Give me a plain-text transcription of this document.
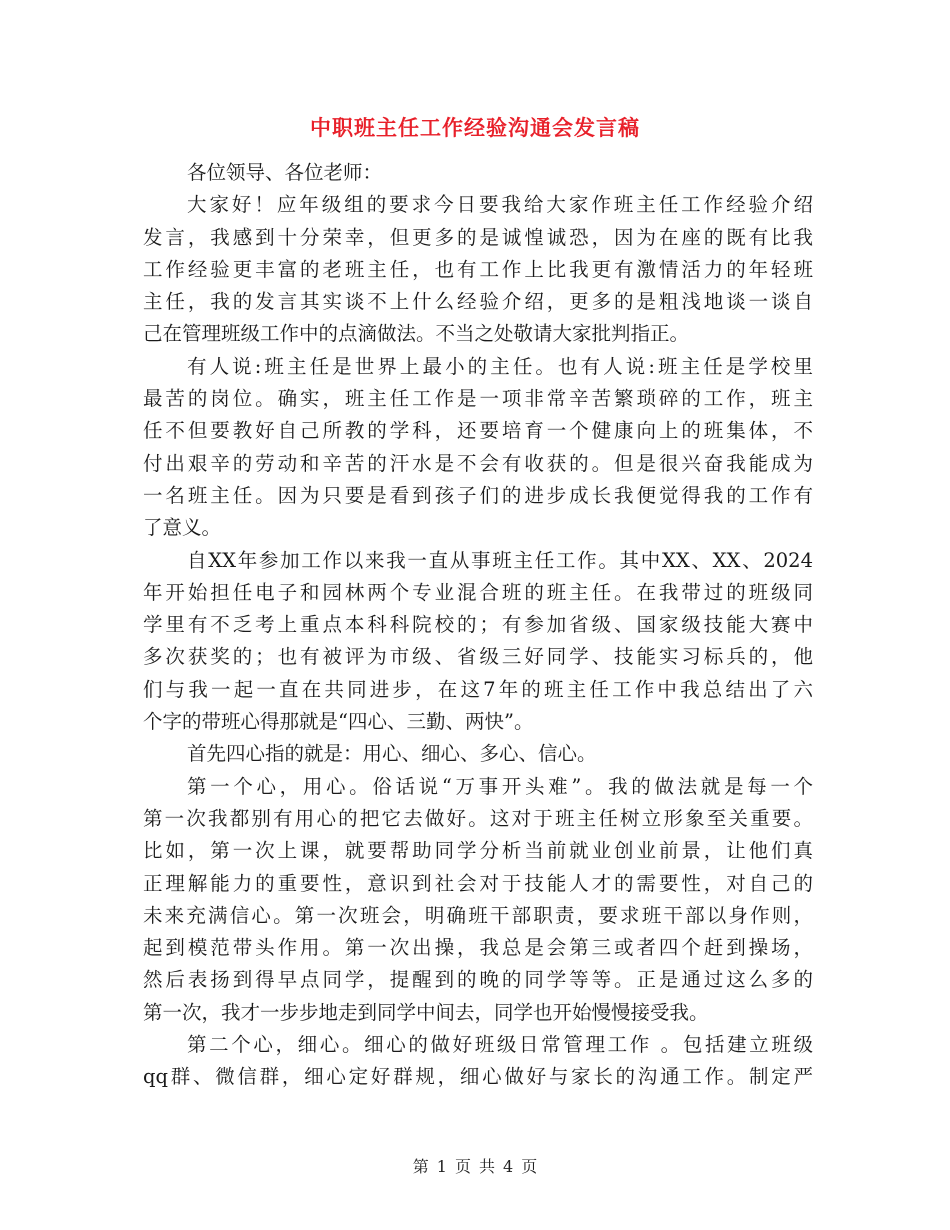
中职班主任工作经验沟通会发言稿
各位领导、各位老师：
大家好！应年级组的要求今日要我给大家作班主任工作经验介绍
发言，我感到十分荣幸，但更多的是诚惶诚恐，因为在座的既有比我
工作经验更丰富的老班主任，也有工作上比我更有激情活力的年轻班
主任，我的发言其实谈不上什么经验介绍，更多的是粗浅地谈一谈自
己在管理班级工作中的点滴做法。不当之处敬请大家批判指正。
有人说:班主任是世界上最小的主任。也有人说:班主任是学校里
最苦的岗位。确实，班主任工作是一项非常辛苦繁琐碎的工作，班主
任不但要教好自己所教的学科，还要培育一个健康向上的班集体，不
付出艰辛的劳动和辛苦的汗水是不会有收获的。但是很兴奋我能成为
一名班主任。因为只要是看到孩子们的进步成长我便觉得我的工作有
了意义。
自XX年参加工作以来我一直从事班主任工作。其中XX、XX、2024
年开始担任电子和园林两个专业混合班的班主任。在我带过的班级同
学里有不乏考上重点本科科院校的；有参加省级、国家级技能大赛中
多次获奖的；也有被评为市级、省级三好同学、技能实习标兵的，他
们与我一起一直在共同进步，在这7年的班主任工作中我总结出了六
个字的带班心得那就是“四心、三勤、两快”。
首先四心指的就是：用心、细心、多心、信心。
第一个心，用心。俗话说“万事开头难”。我的做法就是每一个
第一次我都别有用心的把它去做好。这对于班主任树立形象至关重要。
比如，第一次上课，就要帮助同学分析当前就业创业前景，让他们真
正理解能力的重要性，意识到社会对于技能人才的需要性，对自己的
未来充满信心。第一次班会，明确班干部职责，要求班干部以身作则，
起到模范带头作用。第一次出操，我总是会第三或者四个赶到操场，
然后表扬到得早点同学，提醒到的晚的同学等等。正是通过这么多的
第一次，我才一步步地走到同学中间去，同学也开始慢慢接受我。
第二个心，细心。细心的做好班级日常管理工作 。包括建立班级
qq群、微信群，细心定好群规，细心做好与家长的沟通工作。制定严
第 1 页 共 4 页
